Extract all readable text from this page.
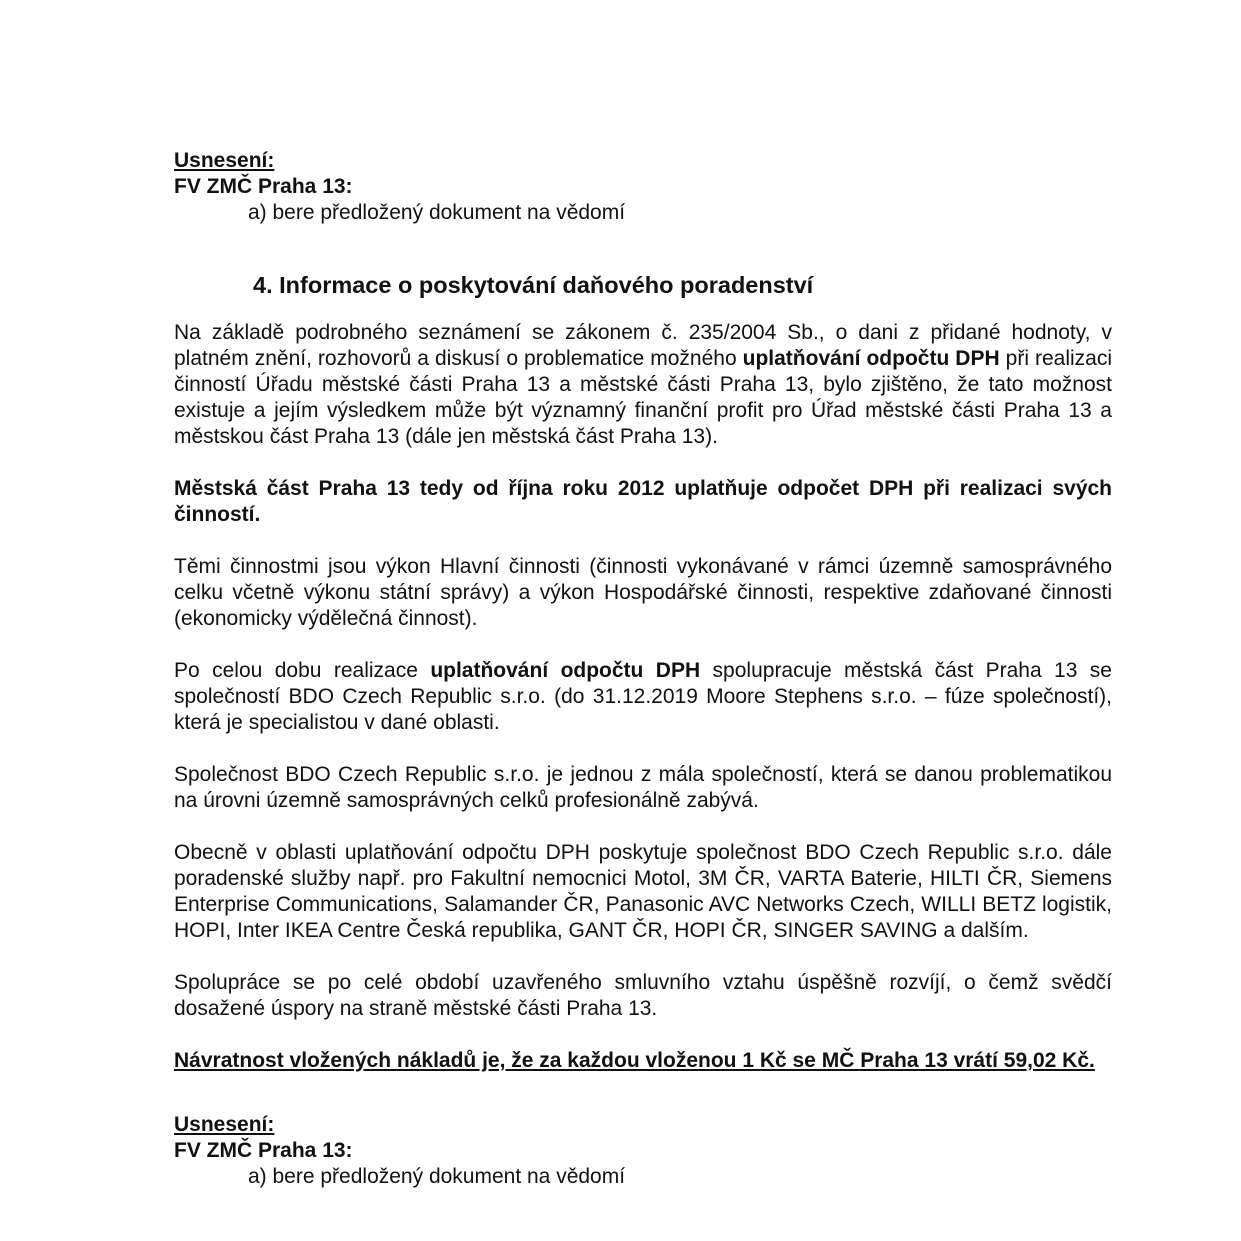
Usnesení:
FV ZMČ Praha 13:
a) bere předložený dokument na vědomí
4. Informace o poskytování daňového poradenství

Na základě podrobného seznámení se zákonem č. 235/2004 Sb., o dani z přidané hodnoty, v platném znění, rozhovorů a diskusí o problematice možného uplatňování odpočtu DPH při realizaci činností Úřadu městské části Praha 13 a městské části Praha 13, bylo zjištěno, že tato možnost existuje a jejím výsledkem může být významný finanční profit pro Úřad městské části Praha 13 a městskou část Praha 13 (dále jen městská část Praha 13).

Městská část Praha 13 tedy od října roku 2012 uplatňuje odpočet DPH při realizaci svých činností.

Těmi činnostmi jsou výkon Hlavní činnosti (činnosti vykonávané v rámci územně samosprávného celku včetně výkonu státní správy) a výkon Hospodářské činnosti, respektive zdaňované činnosti (ekonomicky výdělečná činnost).

Po celou dobu realizace uplatňování odpočtu DPH spolupracuje městská část Praha 13 se společností BDO Czech Republic s.r.o. (do 31.12.2019 Moore Stephens s.r.o. – fúze společností), která je specialistou v dané oblasti.

Společnost BDO Czech Republic s.r.o. je jednou z mála společností, která se danou problematikou na úrovni územně samosprávných celků profesionálně zabývá.

Obecně v oblasti uplatňování odpočtu DPH poskytuje společnost BDO Czech Republic s.r.o. dále poradenské služby např. pro Fakultní nemocnici Motol, 3M ČR, VARTA Baterie, HILTI ČR, Siemens Enterprise Communications, Salamander ČR, Panasonic AVC Networks Czech, WILLI BETZ logistik, HOPI, Inter IKEA Centre Česká republika, GANT ČR, HOPI ČR, SINGER SAVING a dalším.

Spolupráce se po celé období uzavřeného smluvního vztahu úspěšně rozvíjí, o čemž svědčí dosažené úspory na straně městské části Praha 13.

Návratnost vložených nákladů je, že za každou vloženou 1 Kč se MČ Praha 13 vrátí 59,02 Kč.

Usnesení:
FV ZMČ Praha 13:
a) bere předložený dokument na vědomí
